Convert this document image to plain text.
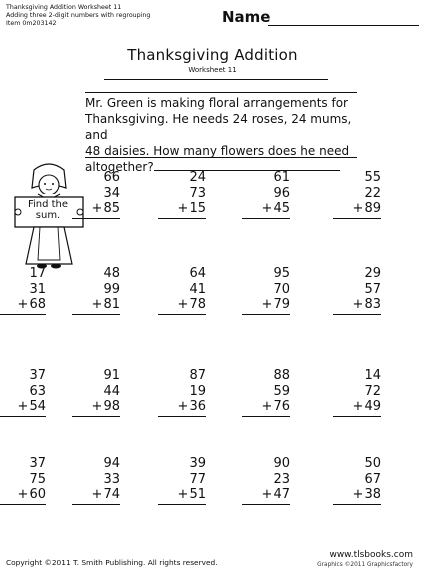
Thanksgiving Addition Worksheet 11
Adding three 2-digit numbers with regrouping
Item 0m203142	Name
Thanksgiving Addition
Worksheet 11
Mr. Green is making floral arrangements for
Thanksgiving. He needs 24 roses, 24 mums, and
48 daisies. How many flowers does he need
altogether?
Find the
sum.
66
34
+85
24
73
+15
61
96
+45
55
22
+89
17
31
+68
48
99
+81
64
41
+78
95
70
+79
29
57
+83
37
63
+54
91
44
+98
87
19
+36
88
59
+76
14
72
+49
37
75
+60
94
33
+74
39
77
+51
90
23
+47
50
67
+38
Copyright ©2011 T. Smith Publishing. All rights reserved.
www.tlsbooks.com
Graphics ©2011 Graphicsfactory
